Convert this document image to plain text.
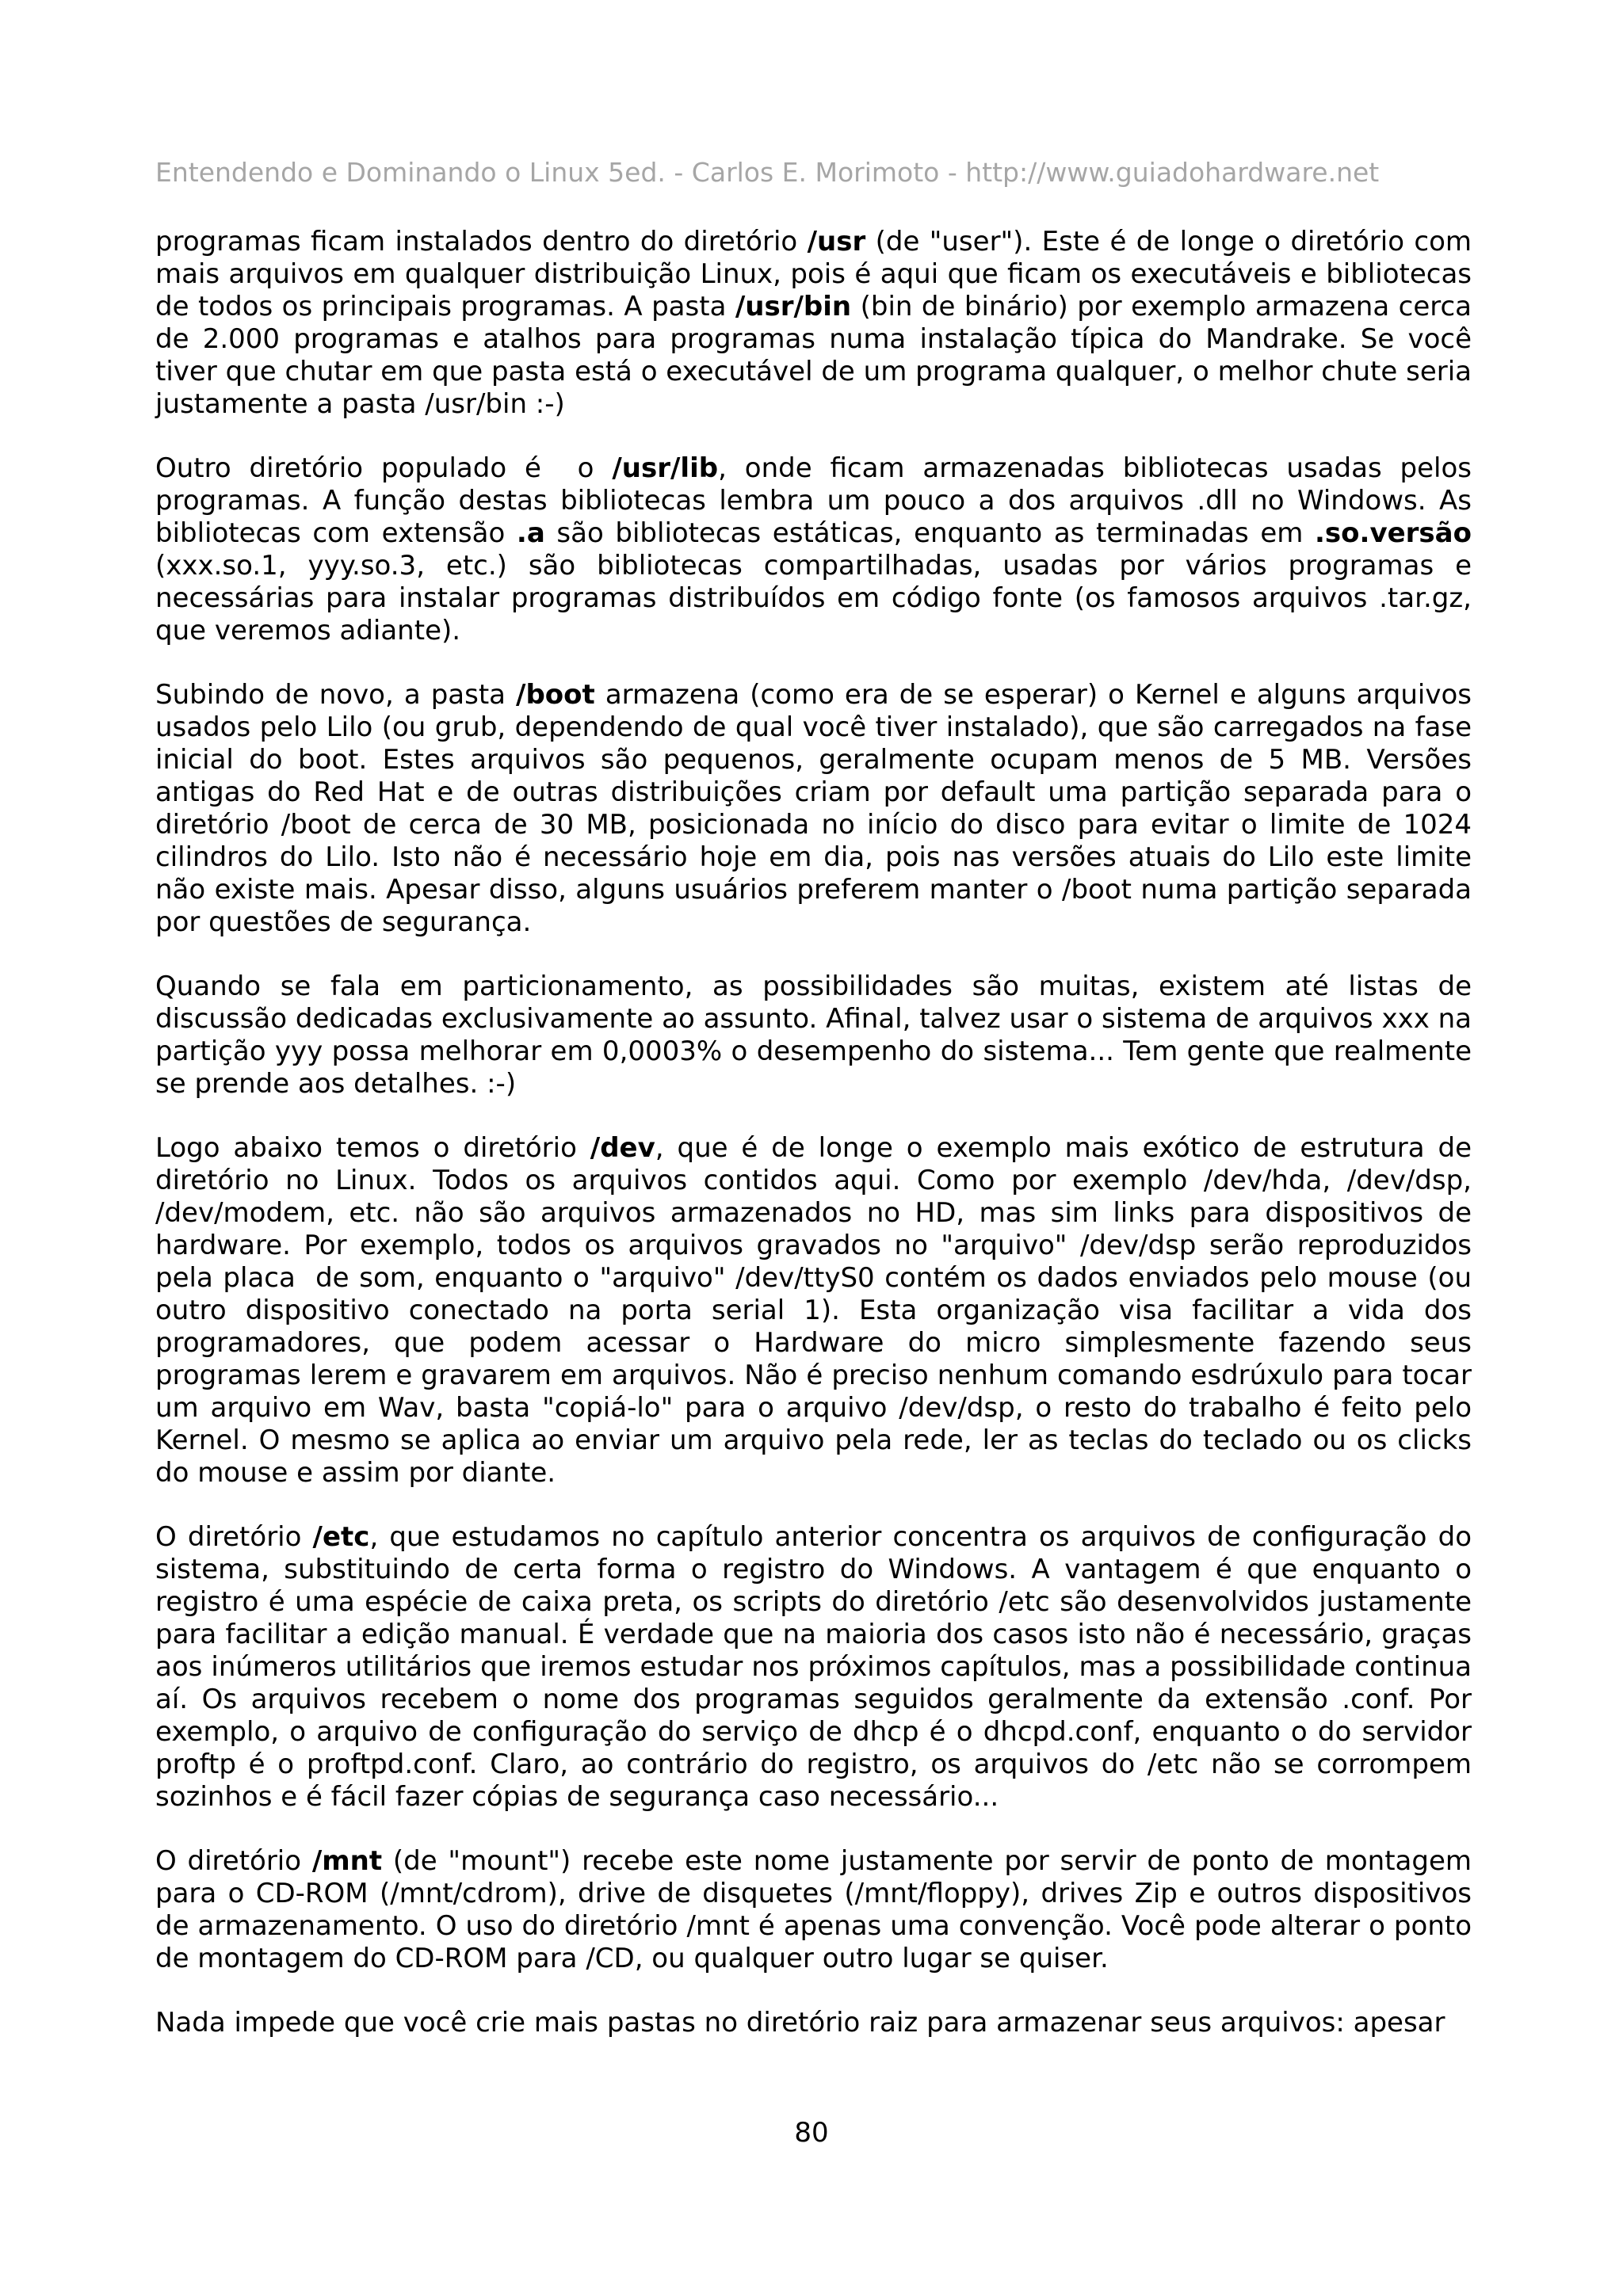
Entendendo e Dominando o Linux 5ed. - Carlos E. Morimoto - http://www.guiadohardware.net

programas ficam instalados dentro do diretório /usr (de "user"). Este é de longe o diretório com mais arquivos em qualquer distribuição Linux, pois é aqui que ficam os executáveis e bibliotecas de todos os principais programas. A pasta /usr/bin (bin de binário) por exemplo armazena cerca de 2.000 programas e atalhos para programas numa instalação típica do Mandrake. Se você tiver que chutar em que pasta está o executável de um programa qualquer, o melhor chute seria justamente a pasta /usr/bin :-)

Outro diretório populado é  o /usr/lib, onde ficam armazenadas bibliotecas usadas pelos programas. A função destas bibliotecas lembra um pouco a dos arquivos .dll no Windows. As bibliotecas com extensão .a são bibliotecas estáticas, enquanto as terminadas em .so.versão (xxx.so.1, yyy.so.3, etc.) são bibliotecas compartilhadas, usadas por vários programas e necessárias para instalar programas distribuídos em código fonte (os famosos arquivos .tar.gz, que veremos adiante).

Subindo de novo, a pasta /boot armazena (como era de se esperar) o Kernel e alguns arquivos usados pelo Lilo (ou grub, dependendo de qual você tiver instalado), que são carregados na fase inicial do boot. Estes arquivos são pequenos, geralmente ocupam menos de 5 MB. Versões antigas do Red Hat e de outras distribuições criam por default uma partição separada para o diretório /boot de cerca de 30 MB, posicionada no início do disco para evitar o limite de 1024 cilindros do Lilo. Isto não é necessário hoje em dia, pois nas versões atuais do Lilo este limite não existe mais. Apesar disso, alguns usuários preferem manter o /boot numa partição separada por questões de segurança.

Quando se fala em particionamento, as possibilidades são muitas, existem até listas de discussão dedicadas exclusivamente ao assunto. Afinal, talvez usar o sistema de arquivos xxx na partição yyy possa melhorar em 0,0003% o desempenho do sistema... Tem gente que realmente se prende aos detalhes. :-)

Logo abaixo temos o diretório /dev, que é de longe o exemplo mais exótico de estrutura de diretório no Linux. Todos os arquivos contidos aqui. Como por exemplo /dev/hda, /dev/dsp, /dev/modem, etc. não são arquivos armazenados no HD, mas sim links para dispositivos de hardware. Por exemplo, todos os arquivos gravados no "arquivo" /dev/dsp serão reproduzidos pela placa  de som, enquanto o "arquivo" /dev/ttyS0 contém os dados enviados pelo mouse (ou outro dispositivo conectado na porta serial 1). Esta organização visa facilitar a vida dos programadores, que podem acessar o Hardware do micro simplesmente fazendo seus programas lerem e gravarem em arquivos. Não é preciso nenhum comando esdrúxulo para tocar um arquivo em Wav, basta "copiá-lo" para o arquivo /dev/dsp, o resto do trabalho é feito pelo Kernel. O mesmo se aplica ao enviar um arquivo pela rede, ler as teclas do teclado ou os clicks do mouse e assim por diante.

O diretório /etc, que estudamos no capítulo anterior concentra os arquivos de configuração do sistema, substituindo de certa forma o registro do Windows. A vantagem é que enquanto o registro é uma espécie de caixa preta, os scripts do diretório /etc são desenvolvidos justamente para facilitar a edição manual. É verdade que na maioria dos casos isto não é necessário, graças aos inúmeros utilitários que iremos estudar nos próximos capítulos, mas a possibilidade continua aí. Os arquivos recebem o nome dos programas seguidos geralmente da extensão .conf. Por exemplo, o arquivo de configuração do serviço de dhcp é o dhcpd.conf, enquanto o do servidor proftp é o proftpd.conf. Claro, ao contrário do registro, os arquivos do /etc não se corrompem sozinhos e é fácil fazer cópias de segurança caso necessário...

O diretório /mnt (de "mount") recebe este nome justamente por servir de ponto de montagem para o CD-ROM (/mnt/cdrom), drive de disquetes (/mnt/floppy), drives Zip e outros dispositivos de armazenamento. O uso do diretório /mnt é apenas uma convenção. Você pode alterar o ponto de montagem do CD-ROM para /CD, ou qualquer outro lugar se quiser.

Nada impede que você crie mais pastas no diretório raiz para armazenar seus arquivos: apesar

80
